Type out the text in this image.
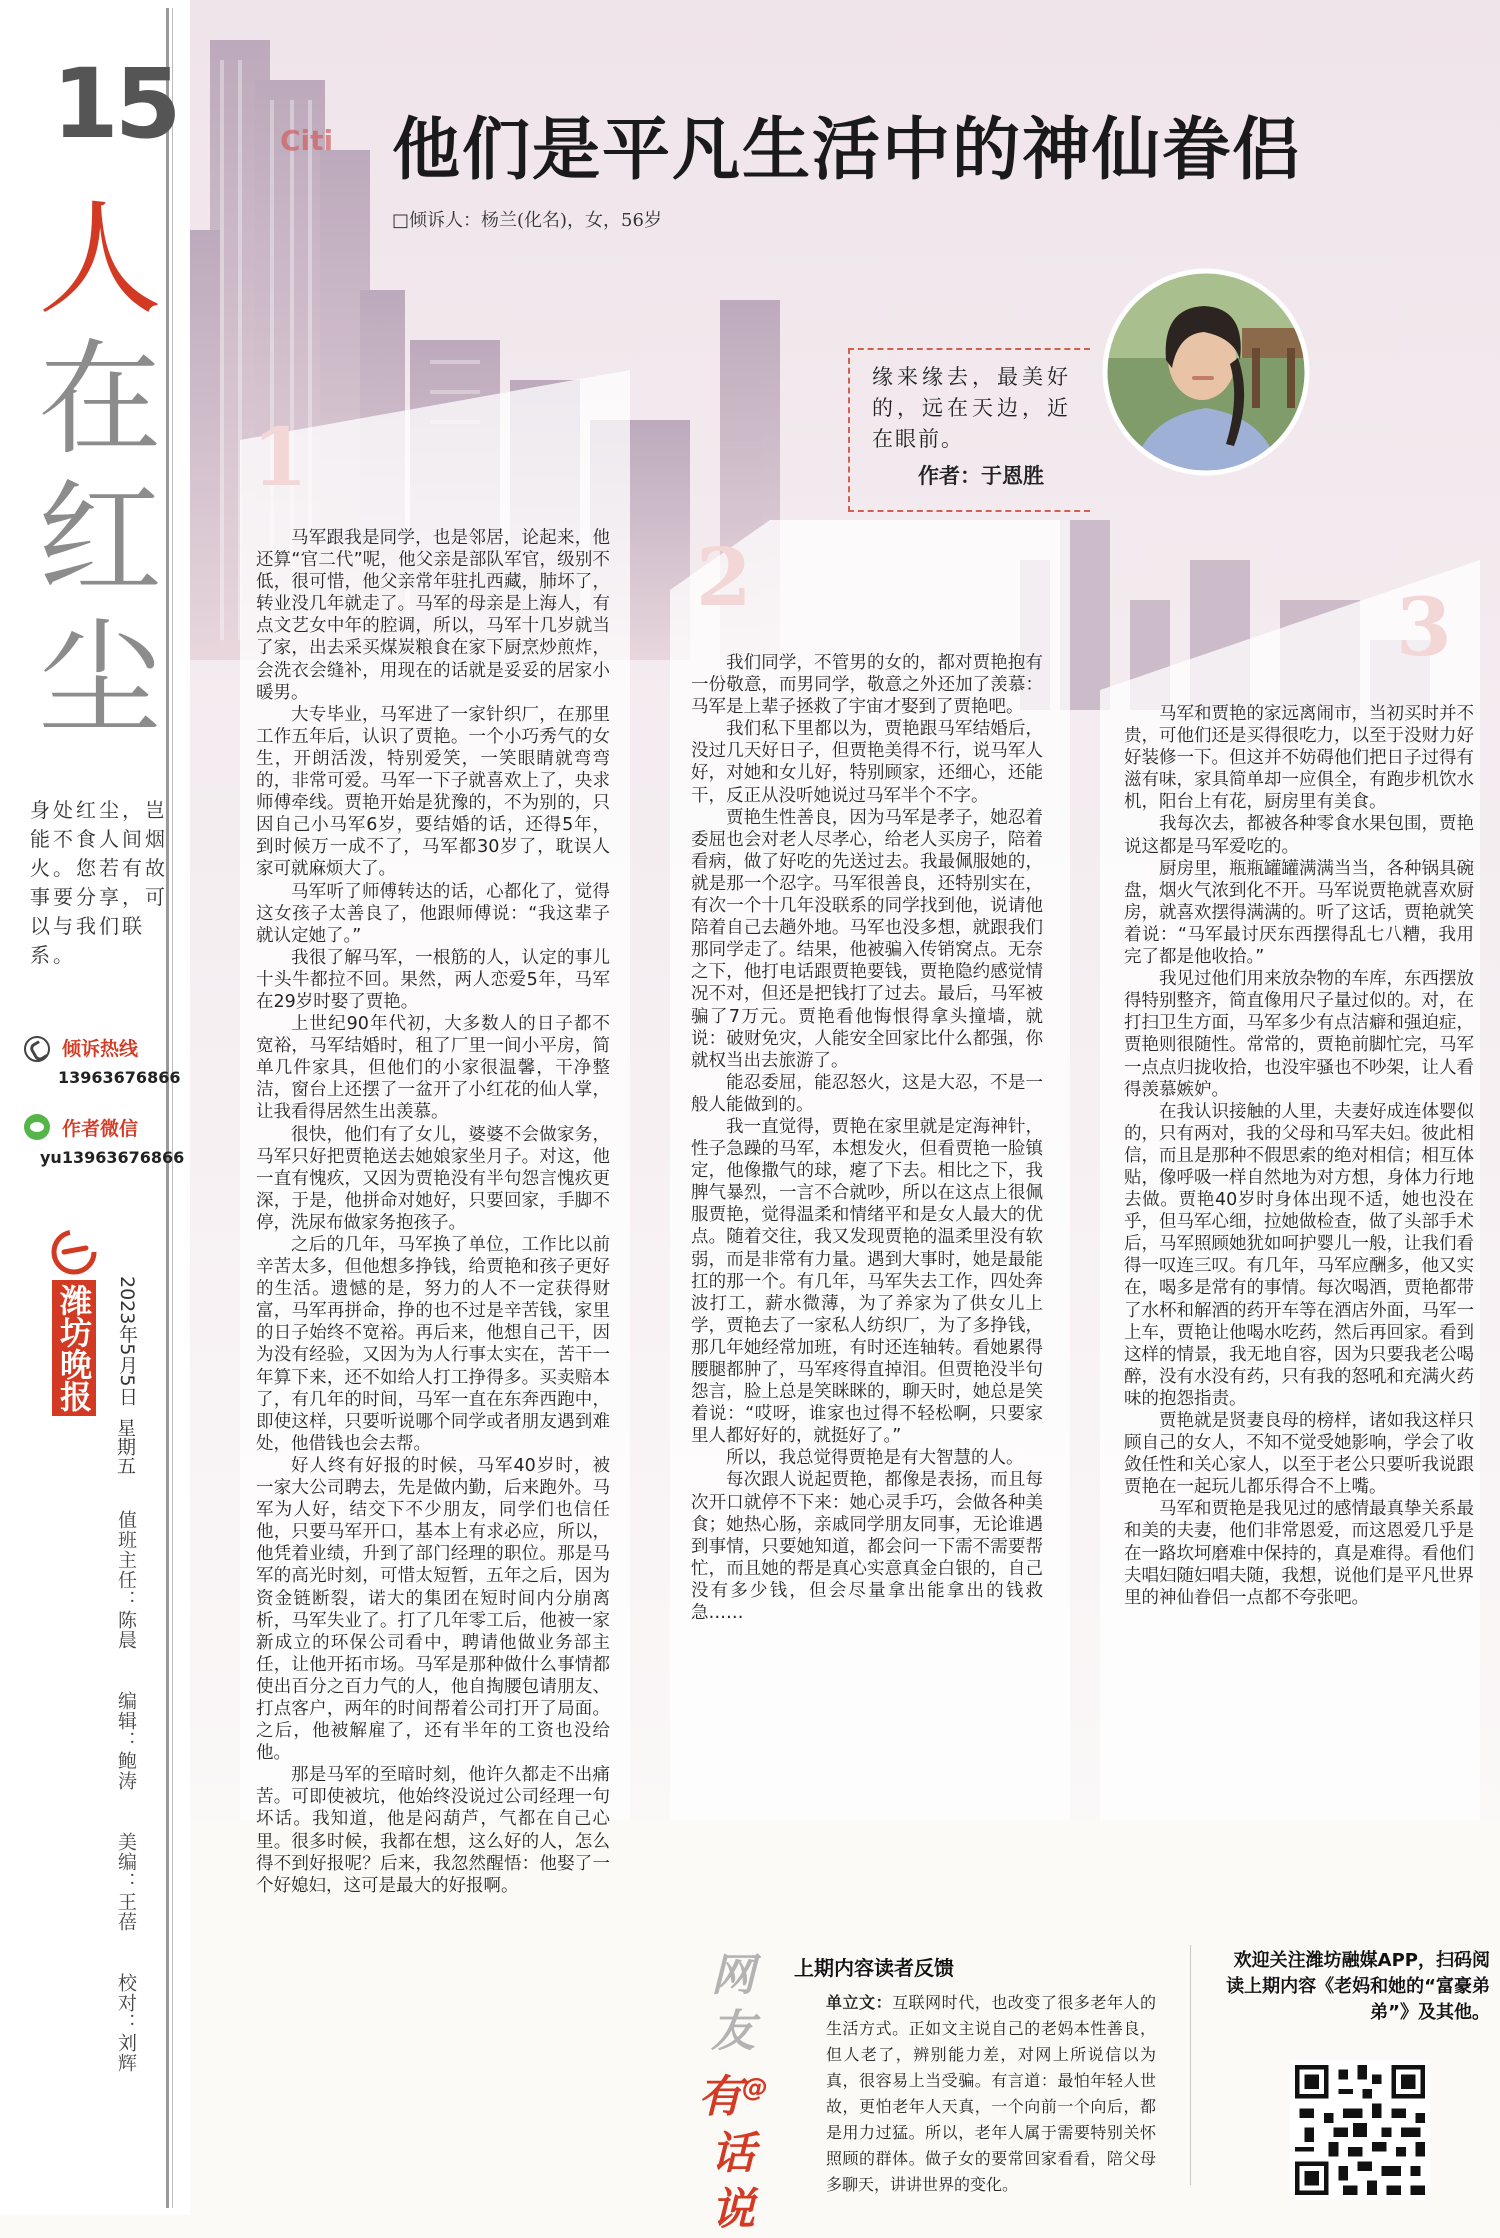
Citi
15
人
在
红
尘
身处红尘，岂能不食人间烟火。您若有故事要分享，可以与我们联系。
倾诉热线
13963676866
作者微信
yu13963676866
潍坊晚报 2023年5月5日
星期五
值班主任：陈晨 编辑：鲍涛 美编：王蓓 校对：刘辉
他们是平凡生活中的神仙眷侣
□倾诉人：杨兰(化名)，女，56岁
缘来缘去，最美好的，远在天边，近在眼前。
作者：于恩胜
1
2
3

马军跟我是同学，也是邻居，论起来，他还算“官二代”呢，他父亲是部队军官，级别不低，很可惜，他父亲常年驻扎西藏，肺坏了，转业没几年就走了。马军的母亲是上海人，有点文艺女中年的腔调，所以，马军十几岁就当了家，出去采买煤炭粮食在家下厨烹炒煎炸，会洗衣会缝补，用现在的话就是妥妥的居家小暖男。

大专毕业，马军进了一家针织厂，在那里工作五年后，认识了贾艳。一个小巧秀气的女生，开朗活泼，特别爱笑，一笑眼睛就弯弯的，非常可爱。马军一下子就喜欢上了，央求师傅牵线。贾艳开始是犹豫的，不为别的，只因自己小马军6岁，要结婚的话，还得5年，到时候万一成不了，马军都30岁了，耽误人家可就麻烦大了。

马军听了师傅转达的话，心都化了，觉得这女孩子太善良了，他跟师傅说：“我这辈子就认定她了。”

我很了解马军，一根筋的人，认定的事儿十头牛都拉不回。果然，两人恋爱5年，马军在29岁时娶了贾艳。

上世纪90年代初，大多数人的日子都不宽裕，马军结婚时，租了厂里一间小平房，简单几件家具，但他们的小家很温馨，干净整洁，窗台上还摆了一盆开了小红花的仙人掌，让我看得居然生出羡慕。

很快，他们有了女儿，婆婆不会做家务，马军只好把贾艳送去她娘家坐月子。对这，他一直有愧疚，又因为贾艳没有半句怨言愧疚更深，于是，他拼命对她好，只要回家，手脚不停，洗尿布做家务抱孩子。

之后的几年，马军换了单位，工作比以前辛苦太多，但他想多挣钱，给贾艳和孩子更好的生活。遗憾的是，努力的人不一定获得财富，马军再拼命，挣的也不过是辛苦钱，家里的日子始终不宽裕。再后来，他想自己干，因为没有经验，又因为为人行事太实在，苦干一年算下来，还不如给人打工挣得多。买卖赔本了，有几年的时间，马军一直在东奔西跑中，即使这样，只要听说哪个同学或者朋友遇到难处，他借钱也会去帮。

好人终有好报的时候，马军40岁时，被一家大公司聘去，先是做内勤，后来跑外。马军为人好，结交下不少朋友，同学们也信任他，只要马军开口，基本上有求必应，所以，他凭着业绩，升到了部门经理的职位。那是马军的高光时刻，可惜太短暂，五年之后，因为资金链断裂，诺大的集团在短时间内分崩离析，马军失业了。打了几年零工后，他被一家新成立的环保公司看中，聘请他做业务部主任，让他开拓市场。马军是那种做什么事情都使出百分之百力气的人，他自掏腰包请朋友、打点客户，两年的时间帮着公司打开了局面。之后，他被解雇了，还有半年的工资也没给他。

那是马军的至暗时刻，他许久都走不出痛苦。可即使被坑，他始终没说过公司经理一句坏话。我知道，他是闷葫芦，气都在自己心里。很多时候，我都在想，这么好的人，怎么得不到好报呢？后来，我忽然醒悟：他娶了一个好媳妇，这可是最大的好报啊。

我们同学，不管男的女的，都对贾艳抱有一份敬意，而男同学，敬意之外还加了羡慕：马军是上辈子拯救了宇宙才娶到了贾艳吧。

我们私下里都以为，贾艳跟马军结婚后，没过几天好日子，但贾艳美得不行，说马军人好，对她和女儿好，特别顾家，还细心，还能干，反正从没听她说过马军半个不字。

贾艳生性善良，因为马军是孝子，她忍着委屈也会对老人尽孝心，给老人买房子，陪着看病，做了好吃的先送过去。我最佩服她的，就是那一个忍字。马军很善良，还特别实在，有次一个十几年没联系的同学找到他，说请他陪着自己去趟外地。马军也没多想，就跟我们那同学走了。结果，他被骗入传销窝点。无奈之下，他打电话跟贾艳要钱，贾艳隐约感觉情况不对，但还是把钱打了过去。最后，马军被骗了7万元。贾艳看他悔恨得拿头撞墙，就说：破财免灾，人能安全回家比什么都强，你就权当出去旅游了。

能忍委屈，能忍怒火，这是大忍，不是一般人能做到的。

我一直觉得，贾艳在家里就是定海神针，性子急躁的马军，本想发火，但看贾艳一脸镇定，他像撒气的球，瘪了下去。相比之下，我脾气暴烈，一言不合就吵，所以在这点上很佩服贾艳，觉得温柔和情绪平和是女人最大的优点。随着交往，我又发现贾艳的温柔里没有软弱，而是非常有力量。遇到大事时，她是最能扛的那一个。有几年，马军失去工作，四处奔波打工，薪水微薄，为了养家为了供女儿上学，贾艳去了一家私人纺织厂，为了多挣钱，那几年她经常加班，有时还连轴转。看她累得腰腿都肿了，马军疼得直掉泪。但贾艳没半句怨言，脸上总是笑眯眯的，聊天时，她总是笑着说：“哎呀，谁家也过得不轻松啊，只要家里人都好好的，就挺好了。”

所以，我总觉得贾艳是有大智慧的人。

每次跟人说起贾艳，都像是表扬，而且每次开口就停不下来：她心灵手巧，会做各种美食；她热心肠，亲戚同学朋友同事，无论谁遇到事情，只要她知道，都会问一下需不需要帮忙，而且她的帮是真心实意真金白银的，自己没有多少钱，但会尽量拿出能拿出的钱救急……

马军和贾艳的家远离闹市，当初买时并不贵，可他们还是买得很吃力，以至于没财力好好装修一下。但这并不妨碍他们把日子过得有滋有味，家具简单却一应俱全，有跑步机饮水机，阳台上有花，厨房里有美食。

我每次去，都被各种零食水果包围，贾艳说这都是马军爱吃的。

厨房里，瓶瓶罐罐满满当当，各种锅具碗盘，烟火气浓到化不开。马军说贾艳就喜欢厨房，就喜欢摆得满满的。听了这话，贾艳就笑着说：“马军最讨厌东西摆得乱七八糟，我用完了都是他收拾。”

我见过他们用来放杂物的车库，东西摆放得特别整齐，简直像用尺子量过似的。对，在打扫卫生方面，马军多少有点洁癖和强迫症，贾艳则很随性。常常的，贾艳前脚忙完，马军一点点归拢收拾，也没牢骚也不吵架，让人看得羡慕嫉妒。

在我认识接触的人里，夫妻好成连体婴似的，只有两对，我的父母和马军夫妇。彼此相信，而且是那种不假思索的绝对相信；相互体贴，像呼吸一样自然地为对方想，身体力行地去做。贾艳40岁时身体出现不适，她也没在乎，但马军心细，拉她做检查，做了头部手术后，马军照顾她犹如呵护婴儿一般，让我们看得一叹连三叹。有几年，马军应酬多，他又实在，喝多是常有的事情。每次喝酒，贾艳都带了水杯和解酒的药开车等在酒店外面，马军一上车，贾艳让他喝水吃药，然后再回家。看到这样的情景，我无地自容，因为只要我老公喝醉，没有水没有药，只有我的怒吼和充满火药味的抱怨指责。

贾艳就是贤妻良母的榜样，诸如我这样只顾自己的女人，不知不觉受她影响，学会了收敛任性和关心家人，以至于老公只要听我说跟贾艳在一起玩儿都乐得合不上嘴。

马军和贾艳是我见过的感情最真挚关系最和美的夫妻，他们非常恩爱，而这恩爱几乎是在一路坎坷磨难中保持的，真是难得。看他们夫唱妇随妇唱夫随，我想，说他们是平凡世界里的神仙眷侣一点都不夸张吧。

网
友
有@
话
说
上期内容读者反馈
单立文：互联网时代，也改变了很多老年人的生活方式。正如文主说自己的老妈本性善良，但人老了，辨别能力差，对网上所说信以为真，很容易上当受骗。有言道：最怕年轻人世故，更怕老年人天真，一个向前一个向后，都是用力过猛。所以，老年人属于需要特别关怀照顾的群体。做子女的要常回家看看，陪父母多聊天，讲讲世界的变化。
欢迎关注潍坊融媒APP，扫码阅读上期内容《老妈和她的“富豪弟弟”》及其他。
